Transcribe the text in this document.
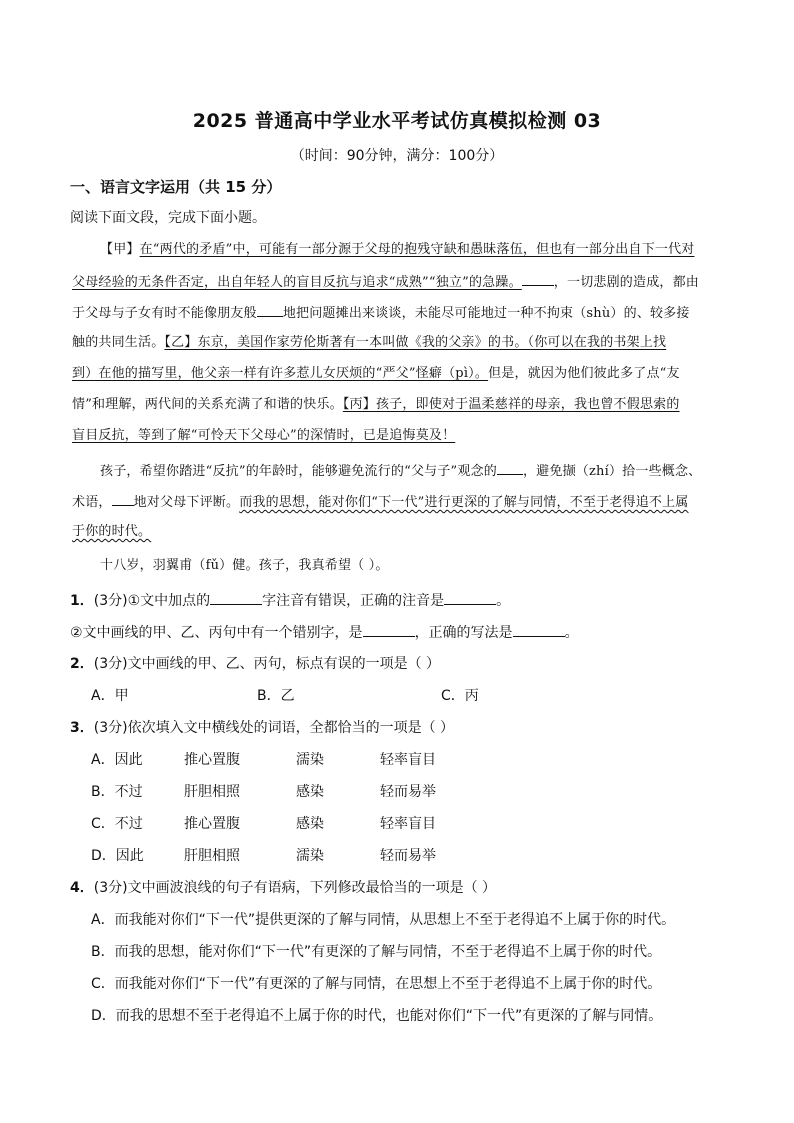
2025 普通高中学业水平考试仿真模拟检测 03
（时间：90分钟，满分：100分）
一、语言文字运用（共 15 分）
阅读下面文段，完成下面小题。
【甲】在“两代的矛盾”中，可能有一部分源于父母的抱残守缺和愚昧落伍，但也有一部分出自下一代对
父母经验的无条件否定，出自年轻人的盲目反抗与追求“成熟”“独立”的急躁。 ，一切悲剧的造成，都由
于父母与子女有时不能像朋友般 地把问题摊出来谈谈，未能尽可能地过一种不拘束（shù）的、较多接
触的共同生活。【乙】东京，美国作家劳伦斯著有一本叫做《我的父亲》的书。（你可以在我的书架上找
到）在他的描写里，他父亲一样有许多惹儿女厌烦的“严父”怪癖（pì）。但是，就因为他们彼此多了点“友
情”和理解，两代间的关系充满了和谐的快乐。【丙】孩子，即使对于温柔慈祥的母亲，我也曾不假思索的
盲目反抗，等到了解“可怜天下父母心”的深情时，已是追悔莫及！
孩子，希望你踏进“反抗”的年龄时，能够避免流行的“父与子”观念的 ，避免撷（zhí）拾一些概念、
术语， 地对父母下评断。而我的思想，能对你们“下一代”进行更深的了解与同情，不至于老得追不上属
于你的时代。
十八岁，羽翼甫（fǔ）健。孩子，我真希望（ ）。
1．(3分)①文中加点的	字注音有错误，正确的注音是	。
②文中画线的甲、乙、丙句中有一个错别字，是	，正确的写法是	。
2．(3分)文中画线的甲、乙、丙句，标点有误的一项是（ ）
A．甲	B．乙	C．丙
3．(3分)依次填入文中横线处的词语，全都恰当的一项是（ ）
A．因此	推心置腹	濡染	轻率盲目
B．不过	肝胆相照	感染	轻而易举
C．不过	推心置腹	感染	轻率盲目
D．因此	肝胆相照	濡染	轻而易举
4．(3分)文中画波浪线的句子有语病，下列修改最恰当的一项是（ ）
A．而我能对你们“下一代”提供更深的了解与同情，从思想上不至于老得追不上属于你的时代。
B．而我的思想，能对你们“下一代”有更深的了解与同情，不至于老得追不上属于你的时代。
C．而我能对你们“下一代”有更深的了解与同情，在思想上不至于老得追不上属于你的时代。
D．而我的思想不至于老得追不上属于你的时代，也能对你们“下一代”有更深的了解与同情。
